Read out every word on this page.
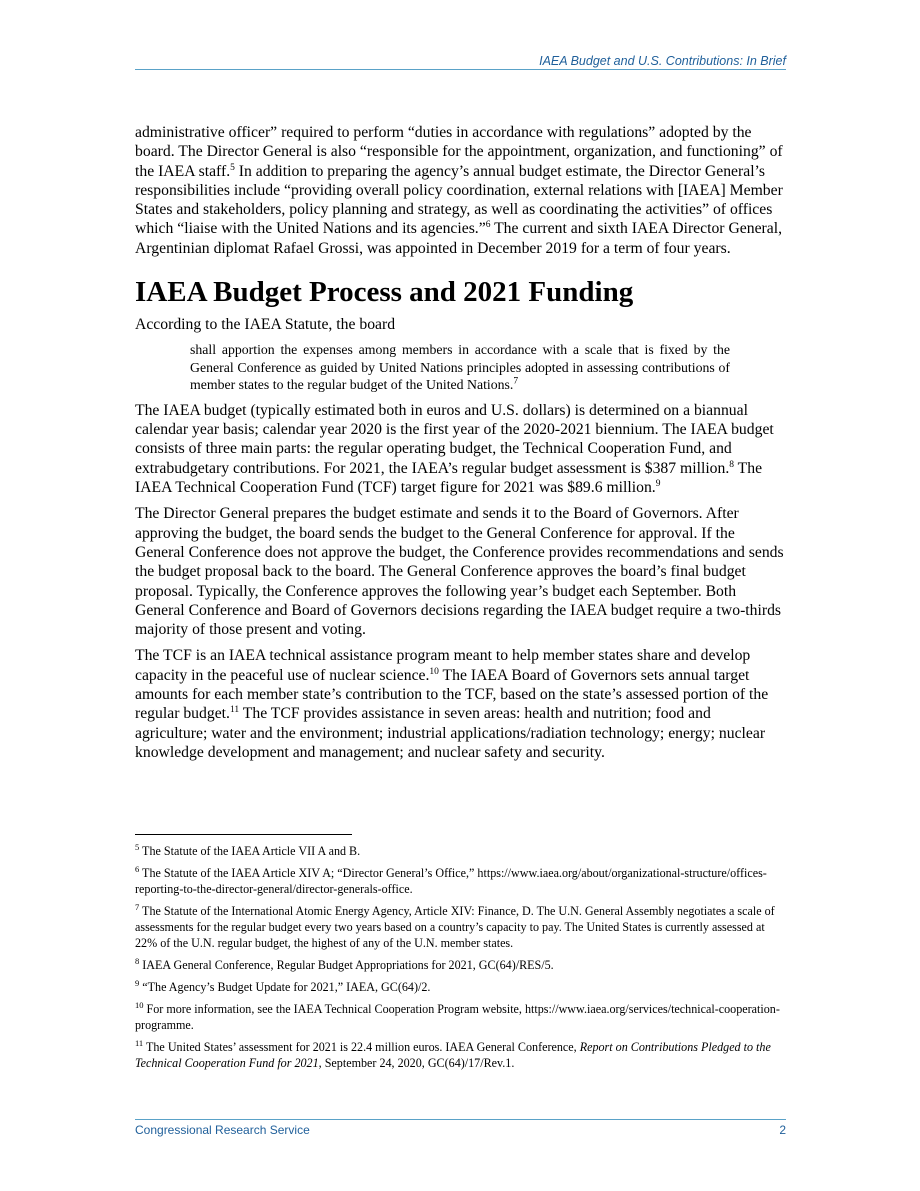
IAEA Budget and U.S. Contributions: In Brief

administrative officer” required to perform “duties in accordance with regulations” adopted by the board. The Director General is also “responsible for the appointment, organization, and functioning” of the IAEA staff.$^5$ In addition to preparing the agency’s annual budget estimate, the Director General’s responsibilities include “providing overall policy coordination, external relations with [IAEA] Member States and stakeholders, policy planning and strategy, as well as coordinating the activities” of offices which “liaise with the United Nations and its agencies.”$^6$ The current and sixth IAEA Director General, Argentinian diplomat Rafael Grossi, was appointed in December 2019 for a term of four years.

IAEA Budget Process and 2021 Funding

According to the IAEA Statute, the board

shall apportion the expenses among members in accordance with a scale that is fixed by the General Conference as guided by United Nations principles adopted in assessing contributions of member states to the regular budget of the United Nations.$^7$

The IAEA budget (typically estimated both in euros and U.S. dollars) is determined on a biannual calendar year basis; calendar year 2020 is the first year of the 2020-2021 biennium. The IAEA budget consists of three main parts: the regular operating budget, the Technical Cooperation Fund, and extrabudgetary contributions. For 2021, the IAEA’s regular budget assessment is $387 million.$^8$ The IAEA Technical Cooperation Fund (TCF) target figure for 2021 was $89.6 million.$^9$

The Director General prepares the budget estimate and sends it to the Board of Governors. After approving the budget, the board sends the budget to the General Conference for approval. If the General Conference does not approve the budget, the Conference provides recommendations and sends the budget proposal back to the board. The General Conference approves the board’s final budget proposal. Typically, the Conference approves the following year’s budget each September. Both General Conference and Board of Governors decisions regarding the IAEA budget require a two-thirds majority of those present and voting.

The TCF is an IAEA technical assistance program meant to help member states share and develop capacity in the peaceful use of nuclear science.$^{10}$ The IAEA Board of Governors sets annual target amounts for each member state’s contribution to the TCF, based on the state’s assessed portion of the regular budget.$^{11}$ The TCF provides assistance in seven areas: health and nutrition; food and agriculture; water and the environment; industrial applications/radiation technology; energy; nuclear knowledge development and management; and nuclear safety and security.

$^5$ The Statute of the IAEA Article VII A and B.

$^6$ The Statute of the IAEA Article XIV A; “Director General’s Office,” https://www.iaea.org/about/organizational-structure/offices-reporting-to-the-director-general/director-generals-office.

$^7$ The Statute of the International Atomic Energy Agency, Article XIV: Finance, D. The U.N. General Assembly negotiates a scale of assessments for the regular budget every two years based on a country’s capacity to pay. The United States is currently assessed at 22% of the U.N. regular budget, the highest of any of the U.N. member states.

$^8$ IAEA General Conference, Regular Budget Appropriations for 2021, GC(64)/RES/5.

$^9$ “The Agency’s Budget Update for 2021,” IAEA, GC(64)/2.

$^{10}$ For more information, see the IAEA Technical Cooperation Program website, https://www.iaea.org/services/technical-cooperation-programme.

$^{11}$ The United States’ assessment for 2021 is 22.4 million euros. IAEA General Conference, Report on Contributions Pledged to the Technical Cooperation Fund for 2021, September 24, 2020, GC(64)/17/Rev.1.

Congressional Research Service	2
